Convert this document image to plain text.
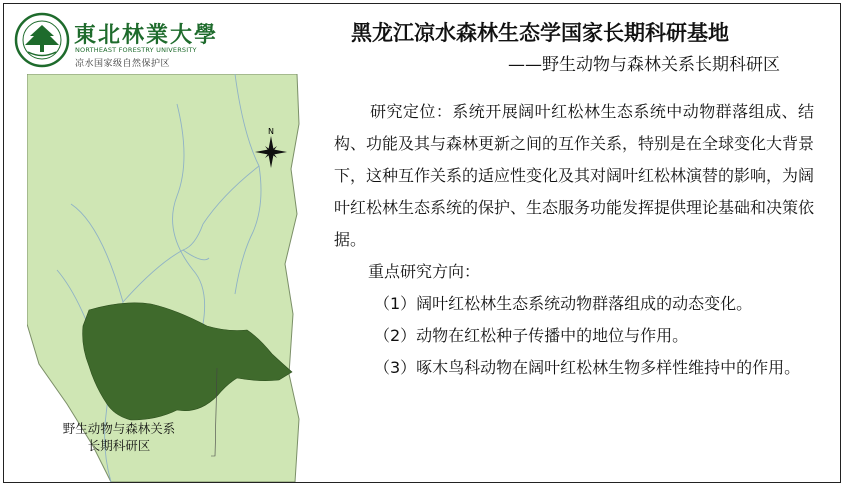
東北林業大學
NORTHEAST FORESTRY UNIVERSITY
凉水国家级自然保护区
黑龙江凉水森林生态学国家长期科研基地
——野生动物与森林关系长期科研区
N
野生动物与森林关系
长期科研区

研究定位：系统开展阔叶红松林生态系统中动物群落组成、结构、功能及其与森林更新之间的互作关系，特别是在全球变化大背景下，这种互作关系的适应性变化及其对阔叶红松林演替的影响，为阔叶红松林生态系统的保护、生态服务功能发挥提供理论基础和决策依据。

重点研究方向：

（1）阔叶红松林生态系统动物群落组成的动态变化。

（2）动物在红松种子传播中的地位与作用。

（3）啄木鸟科动物在阔叶红松林生物多样性维持中的作用。
